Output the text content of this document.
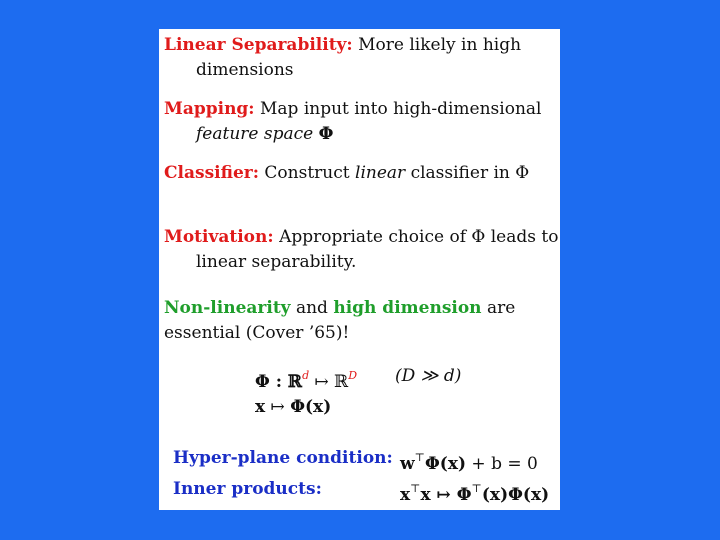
Linear Separability: More likely in high
dimensions
Mapping: Map input into high-dimensional
feature space Φ
Classifier: Construct linear classifier in Φ
Motivation: Appropriate choice of Φ leads to
linear separability.
Non-linearity and high dimension are
essential (Cover ’65)!
Φ : ℝ$^d$ ↦ ℝ$^D$ (D ≫ d)
x ↦ Φ(x)
Hyper-plane condition: w⊤Φ(x) + b = 0
Inner products:	x⊤x ↦ Φ⊤(x)Φ(x)
